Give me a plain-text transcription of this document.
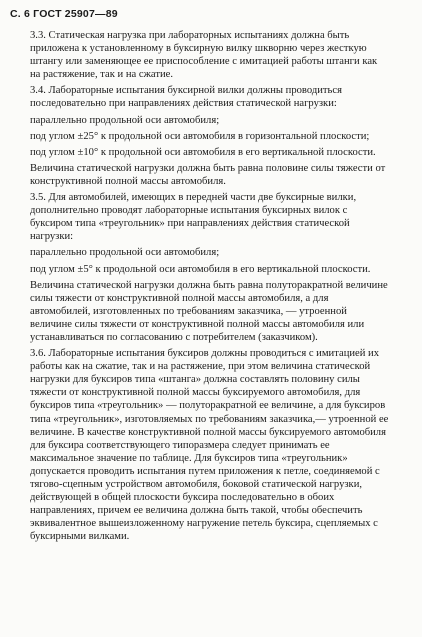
С. 6 ГОСТ 25907—89

3.3. Статическая нагрузка при лабораторных испытаниях должна быть приложена к установленному в буксирную вилку шкворню через жесткую штангу или заменяющее ее приспособление с имитацией работы штанги как на растяжение, так и на сжатие.

3.4. Лабораторные испытания буксирной вилки должны проводиться последовательно при направлениях действия статической нагрузки:

параллельно продольной оси автомобиля;

под углом ±25° к продольной оси автомобиля в горизонтальной плоскости;

под углом ±10° к продольной оси автомобиля в его вертикальной плоскости.

Величина статической нагрузки должна быть равна половине силы тяжести от конструктивной полной массы автомобиля.

3.5. Для автомобилей, имеющих в передней части две буксирные вилки, дополнительно проводят лабораторные испытания буксирных вилок с буксиром типа «треугольник» при направлениях действия статической нагрузки:

параллельно продольной оси автомобиля;

под углом ±5° к продольной оси автомобиля в его вертикальной плоскости.

Величина статической нагрузки должна быть равна полуторакратной величине силы тяжести от конструктивной полной массы автомобиля, а для автомобилей, изготовленных по требованиям заказчика, — утроенной величине силы тяжести от конструктивной полной массы автомобиля или устанавливаться по согласованию с потребителем (заказчиком).

3.6. Лабораторные испытания буксиров должны проводиться с имитацией их работы как на сжатие, так и на растяжение, при этом величина статической нагрузки для буксиров типа «штанга» должна составлять половину силы тяжести от конструктивной полной массы буксируемого автомобиля, для буксиров типа «треугольник» — полуторакратной ее величине, а для буксиров типа «треугольник», изготовляемых по требованиям заказчика,— утроенной ее величине. В качестве конструктивной полной массы буксируемого автомобиля для буксира соответствующего типоразмера следует принимать ее максимальное значение по таблице. Для буксиров типа «треугольник» допускается проводить испытания путем приложения к петле, соединяемой с тягово-сцепным устройством автомобиля, боковой статической нагрузки, действующей в общей плоскости буксира последовательно в обоих направлениях, причем ее величина должна быть такой, чтобы обеспечить эквивалентное вышеизложенному нагружение петель буксира, сцепляемых с буксирными вилками.
